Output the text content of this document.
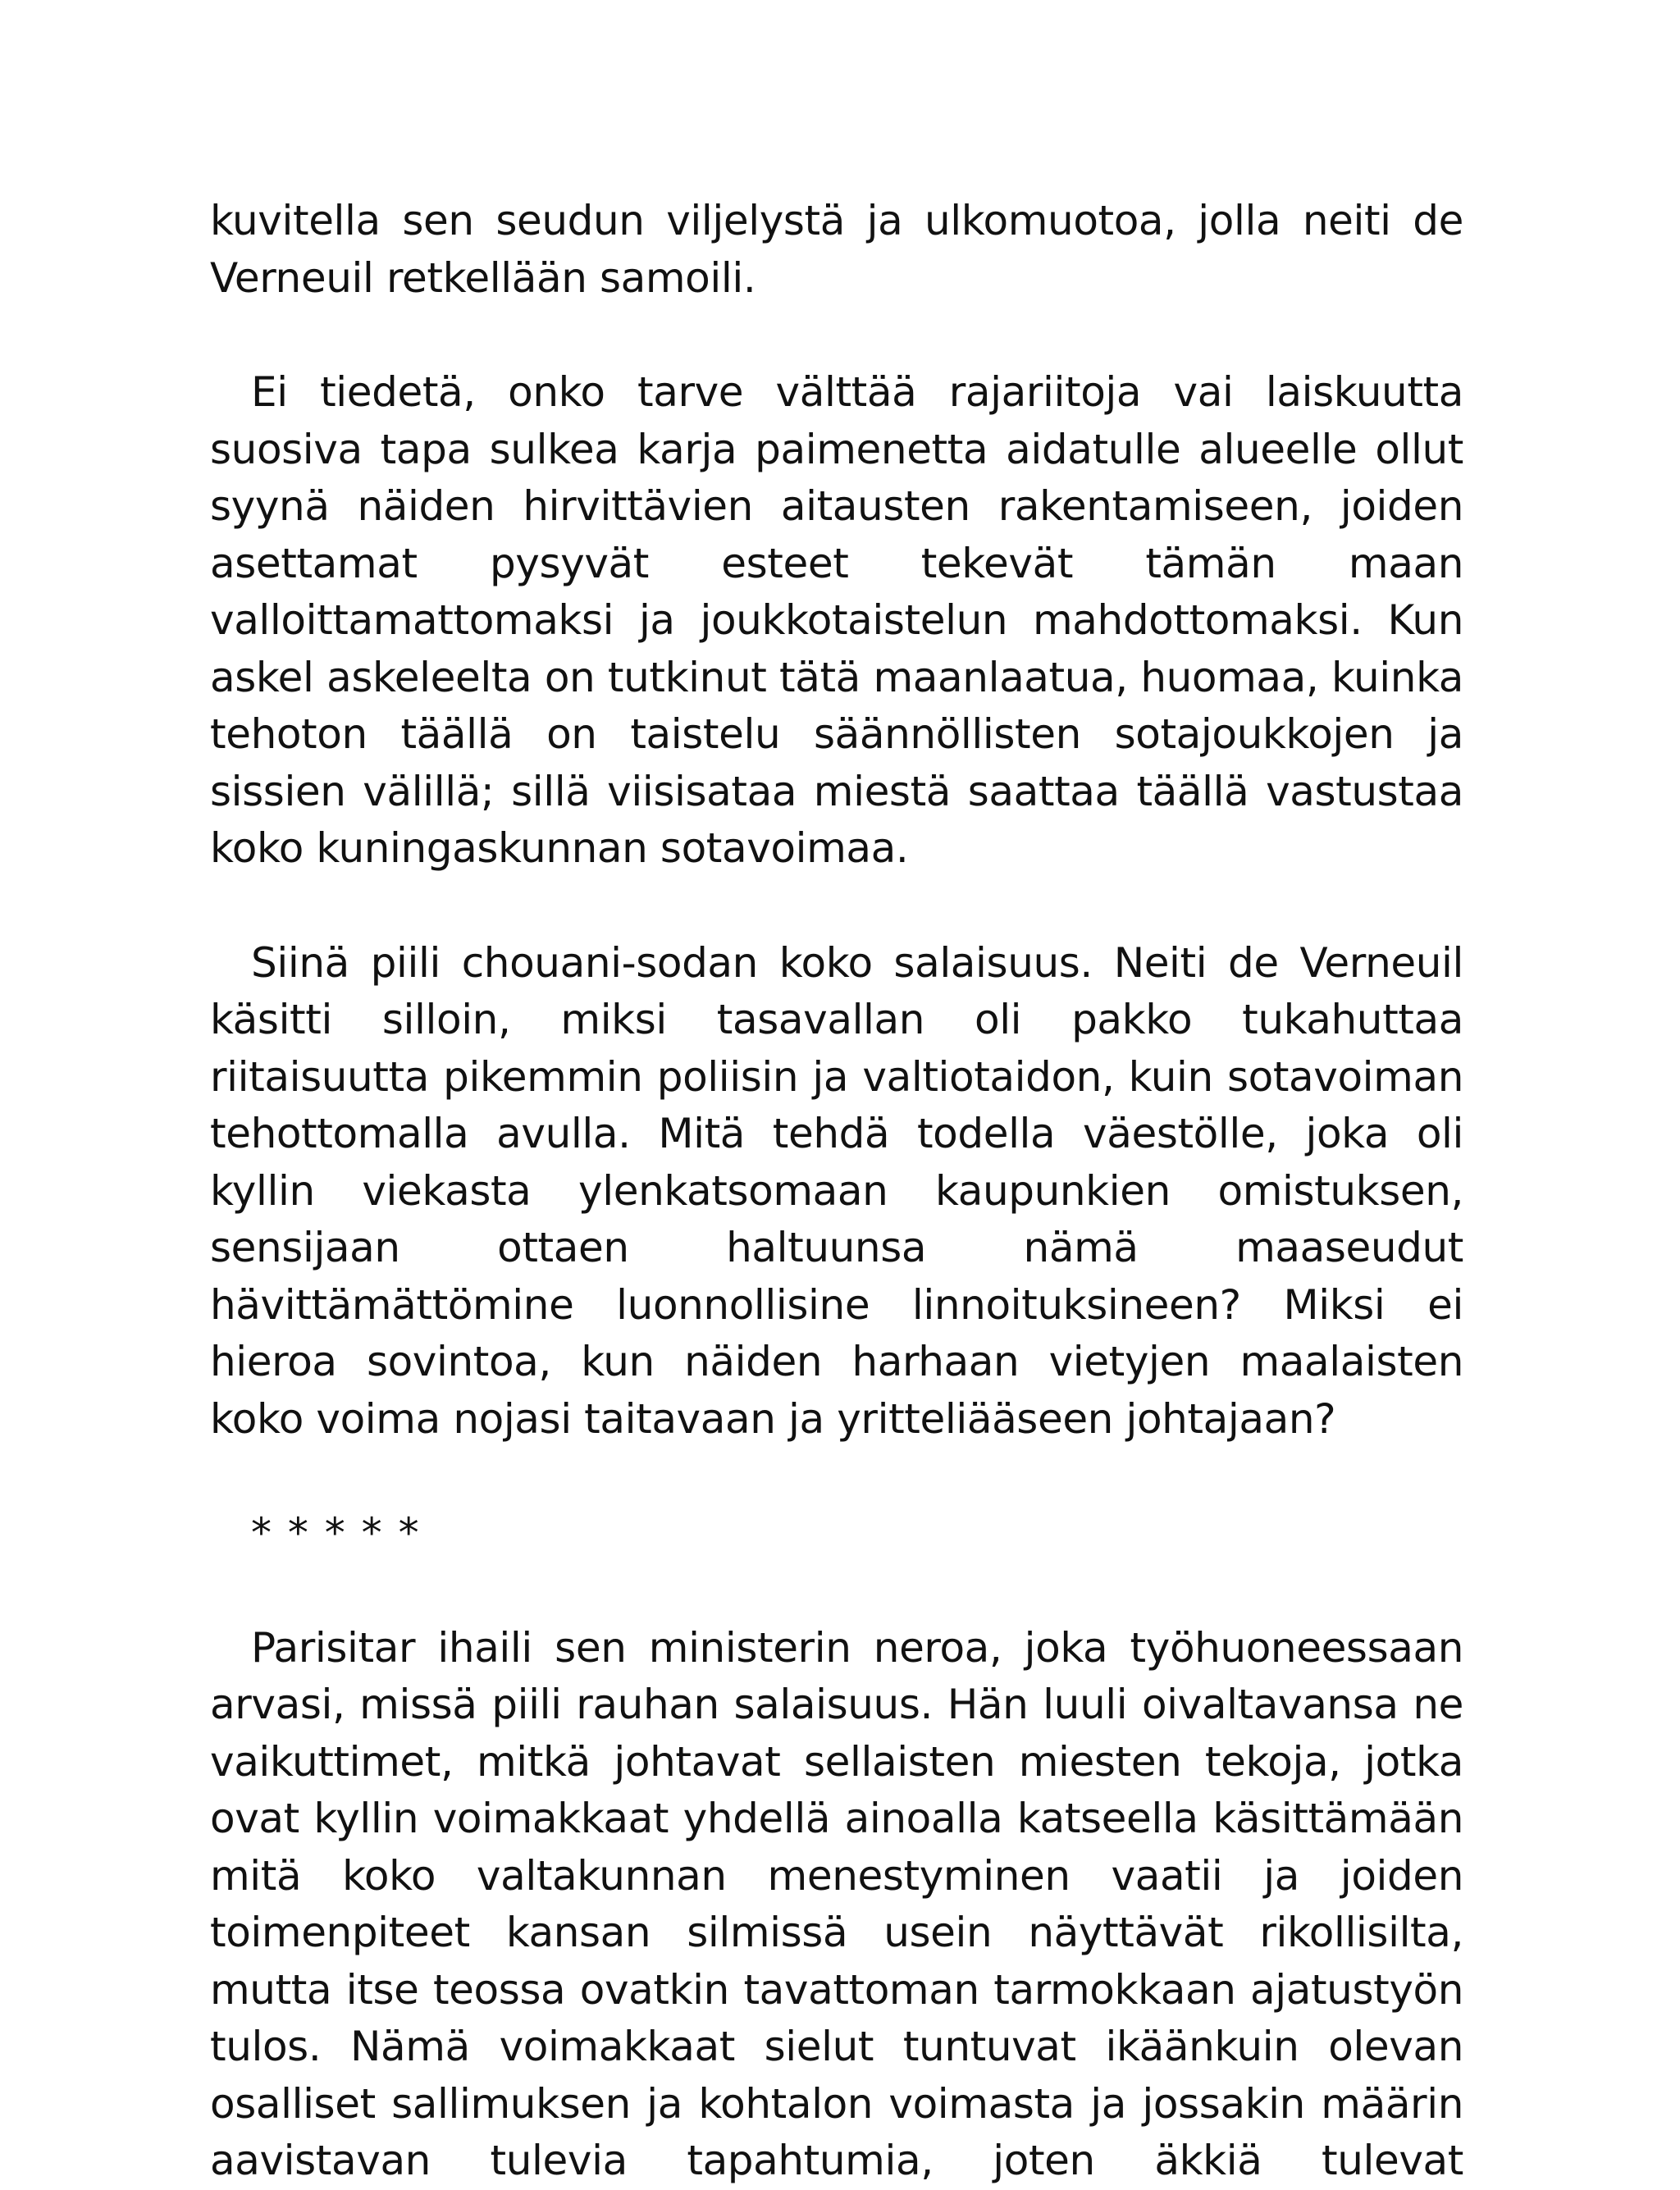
kuvitella sen seudun viljelystä ja ulkomuotoa, jolla neiti de Verneuil retkellään samoili.

Ei tiedetä, onko tarve välttää rajariitoja vai laiskuutta suosiva tapa sulkea karja paimenetta aidatulle alueelle ollut syynä näiden hirvittävien aitausten rakentamiseen, joiden asettamat pysyvät esteet tekevät tämän maan valloittamattomaksi ja joukkotaistelun mahdottomaksi. Kun askel askeleelta on tutkinut tätä maanlaatua, huomaa, kuinka tehoton täällä on taistelu säännöllisten sotajoukkojen ja sissien välillä; sillä viisisataa miestä saattaa täällä vastustaa koko kuningaskunnan sotavoimaa.

Siinä piili chouani-sodan koko salaisuus. Neiti de Verneuil käsitti silloin, miksi tasavallan oli pakko tukahuttaa riitaisuutta pikemmin poliisin ja valtiotaidon, kuin sotavoiman tehottomalla avulla. Mitä tehdä todella väestölle, joka oli kyllin viekasta ylenkatsomaan kaupunkien omistuksen, sensijaan ottaen haltuunsa nämä maaseudut hävittämättömine luonnollisine linnoituksineen? Miksi ei hieroa sovintoa, kun näiden harhaan vietyjen maalaisten koko voima nojasi taitavaan ja yritteliääseen johtajaan?

* * * * *

Parisitar ihaili sen ministerin neroa, joka työhuoneessaan arvasi, missä piili rauhan salaisuus. Hän luuli oivaltavansa ne vaikuttimet, mitkä johtavat sellaisten miesten tekoja, jotka ovat kyllin voimakkaat yhdellä ainoalla katseella käsittämään mitä koko valtakunnan menestyminen vaatii ja joiden toimenpiteet kansan silmissä usein näyttävät rikollisilta, mutta itse teossa ovatkin tavattoman tarmokkaan ajatustyön tulos. Nämä voimakkaat sielut tuntuvat ikäänkuin olevan osalliset sallimuksen ja kohtalon voimasta ja jossakin määrin aavistavan tulevia tapahtumia, joten äkkiä tulevat
